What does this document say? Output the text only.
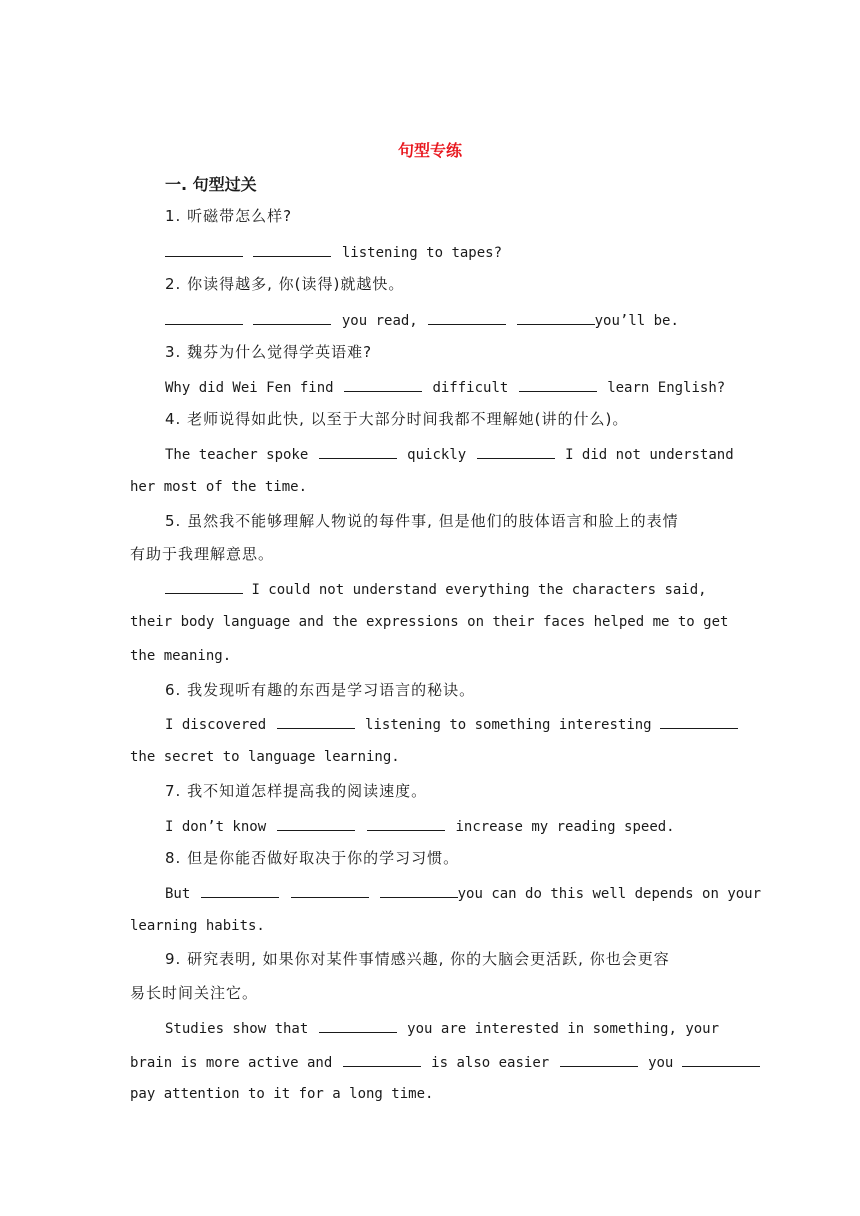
句型专练
一. 句型过关
1. 听磁带怎么样?
listening to tapes?
2. 你读得越多, 你(读得)就越快。
you read,	you’ll be.
3. 魏芬为什么觉得学英语难?
Why did Wei Fen find	difficult	learn English?
4. 老师说得如此快, 以至于大部分时间我都不理解她(讲的什么)。
The teacher spoke	quickly	I did not understand
her most of the time.
5. 虽然我不能够理解人物说的每件事, 但是他们的肢体语言和脸上的表情
有助于我理解意思。
I could not understand everything the characters said,
their body language and the expressions on their faces helped me to get
the meaning.
6. 我发现听有趣的东西是学习语言的秘诀。
I discovered	listening to something interesting
the secret to language learning.
7. 我不知道怎样提高我的阅读速度。
I don’t know	increase my reading speed.
8. 但是你能否做好取决于你的学习习惯。
But	you can do this well depends on your
learning habits.
9. 研究表明, 如果你对某件事情感兴趣, 你的大脑会更活跃, 你也会更容
易长时间关注它。
Studies show that	you are interested in something, your
brain is more active and	is also easier	you
pay attention to it for a long time.
